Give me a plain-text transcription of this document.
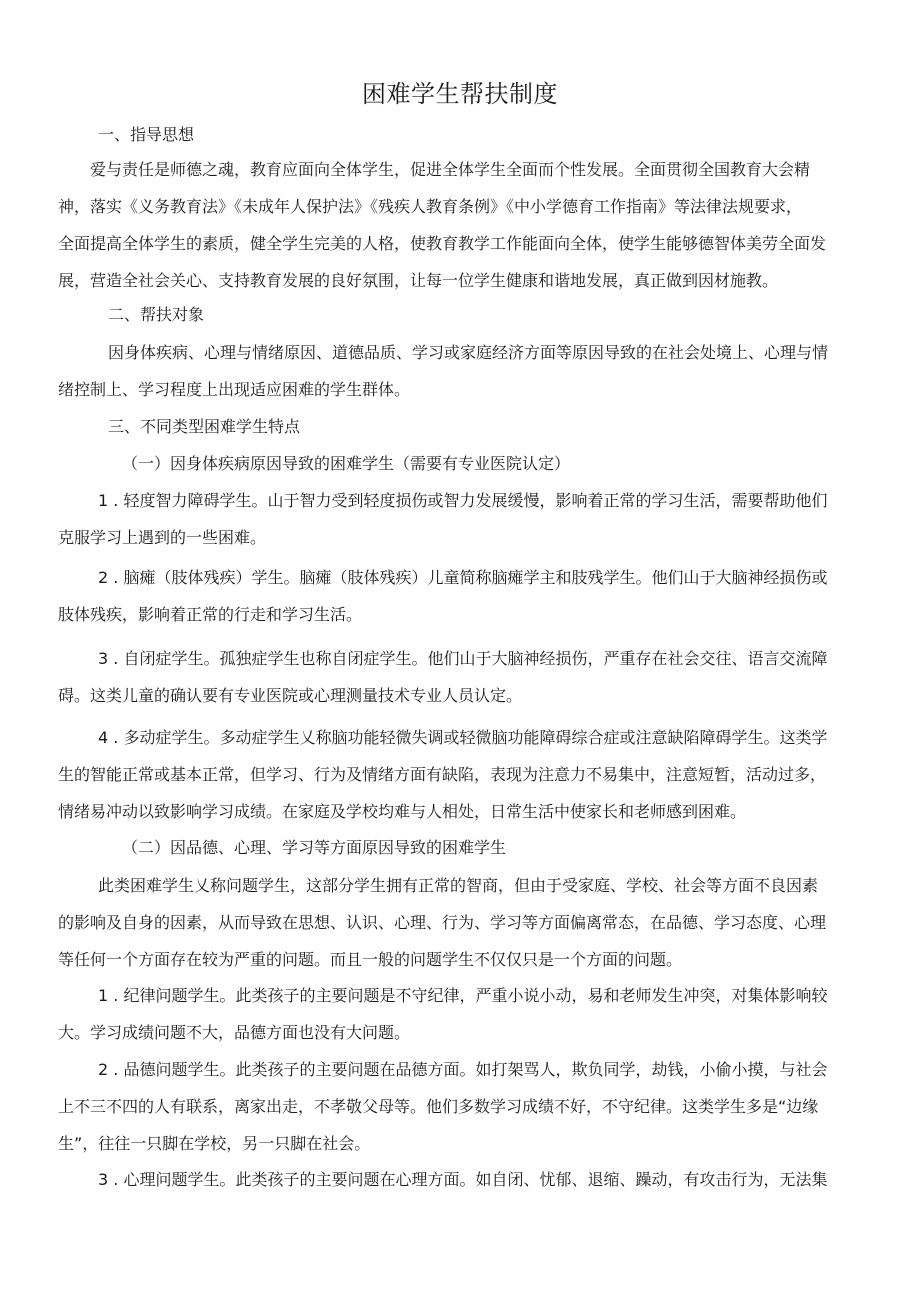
困难学生帮扶制度
一、指导思想
爱与责任是师德之魂，教育应面向全体学生，促进全体学生全面而个性发展。全面贯彻全国教育大会精
神，落实《义务教育法》《未成年人保护法》《残疾人教育条例》《中小学德育工作指南》等法律法规要求，
全面提高全体学生的素质，健全学生完美的人格，使教育教学工作能面向全体，使学生能够德智体美劳全面发
展，营造全社会关心、支持教育发展的良好氛围，让每一位学生健康和谐地发展，真正做到因材施教。
二、帮扶对象
因身体疾病、心理与情绪原因、道德品质、学习或家庭经济方面等原因导致的在社会处境上、心理与情
绪控制上、学习程度上出现适应困难的学生群体。
三、不同类型困难学生特点
（一）因身体疾病原因导致的困难学生（需要有专业医院认定）
1 . 轻度智力障碍学生。山于智力受到轻度损伤或智力发展缓慢，影响着正常的学习生活，需要帮助他们
克服学习上遇到的一些困难。
2 . 脑瘫（肢体残疾）学生。脑瘫（肢体残疾）儿童简称脑瘫学主和肢残学生。他们山于大脑神经损伤或
肢体残疾，影响着正常的行走和学习生活。
3 . 自闭症学生。孤独症学生也称自闭症学生。他们山于大脑神经损伤，严重存在社会交往、语言交流障
碍。这类儿童的确认要有专业医院或心理测量技术专业人员认定。
4 . 多动症学生。多动症学生乂称脑功能轻微失调或轻微脑功能障碍综合症或注意缺陷障碍学生。这类学
生的智能正常或基本正常，但学习、行为及情绪方面有缺陷，表现为注意力不易集中，注意短暂，活动过多，
情绪易冲动以致影响学习成绩。在家庭及学校均难与人相处，日常生活中使家长和老师感到困难。
（二）因品德、心理、学习等方面原因导致的困难学生
此类困难学生乂称问题学生，这部分学生拥有正常的智商，但由于受家庭、学校、社会等方面不良因素
的影响及自身的因素，从而导致在思想、认识、心理、行为、学习等方面偏离常态，在品德、学习态度、心理
等任何一个方面存在较为严重的问题。而且一般的问题学生不仅仅只是一个方面的问题。
1 . 纪律问题学生。此类孩子的主要问题是不守纪律，严重小说小动，易和老师发生冲突，对集体影响较
大。学习成绩问题不大，品德方面也没有大问题。
2 . 品德问题学生。此类孩子的主要问题在品德方面。如打架骂人，欺负同学，劫钱，小偷小摸，与社会
上不三不四的人有联系，离家出走，不孝敬父母等。他们多数学习成绩不好，不守纪律。这类学生多是“边缘
生”，往往一只脚在学校，另一只脚在社会。
3 . 心理问题学生。此类孩子的主要问题在心理方面。如自闭、忧郁、退缩、躁动，有攻击行为，无法集
